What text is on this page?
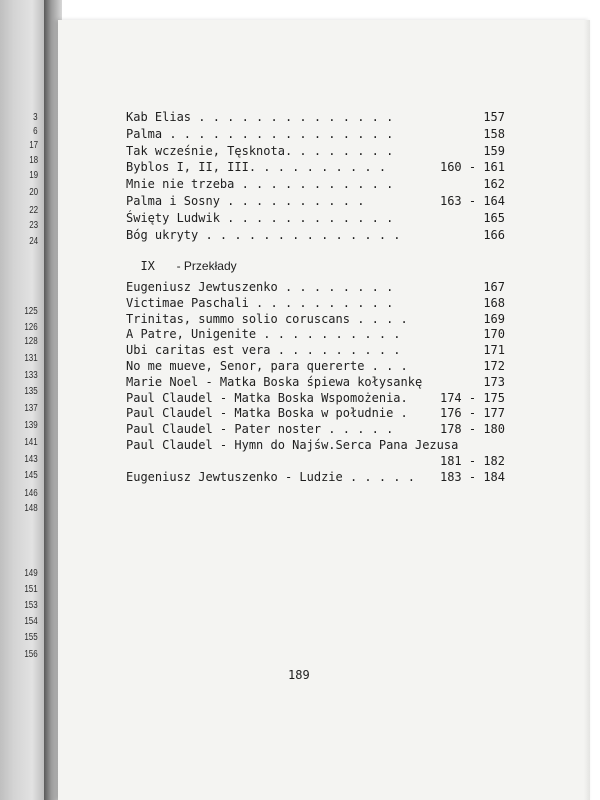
3
6
17
18
19
20
22
23
24
125
126
128
131
133
135
137
139
141
143
145
146
148
149
151
153
154
155
156
Kab Elias . . . . . . . . . . . . . .	157
Palma . . . . . . . . . . . . . . . .	158
Tak wcześnie, Tęsknota. . . . . . . .	159
Byblos I, II, III. . . . . . . . . .	160 - 161
Mnie nie trzeba . . . . . . . . . . .	162
Palma i Sosny . . . . . . . . . .	163 - 164
Święty Ludwik . . . . . . . . . . . .	165
Bóg ukryty . . . . . . . . . . . . . .	166
Eugeniusz Jewtuszenko . . . . . . . .	167
Victimae Paschali . . . . . . . . . .	168
Trinitas, summo solio coruscans . . . .	169
A Patre, Unigenite . . . . . . . . . .	170
Ubi caritas est vera . . . . . . . . .	171
No me mueve, Senor, para quererte . . .	172
Marie Noel - Matka Boska śpiewa kołysankę	173
Paul Claudel - Matka Boska Wspomożenia.	174 - 175
Paul Claudel - Matka Boska w południe .	176 - 177
Paul Claudel - Pater noster . . . . .	178 - 180
Paul Claudel - Hymn do Najśw.Serca Pana Jezusa
181 - 182
Eugeniusz Jewtuszenko - Ludzie . . . . . 183 - 184

IX - Przekłady

189
